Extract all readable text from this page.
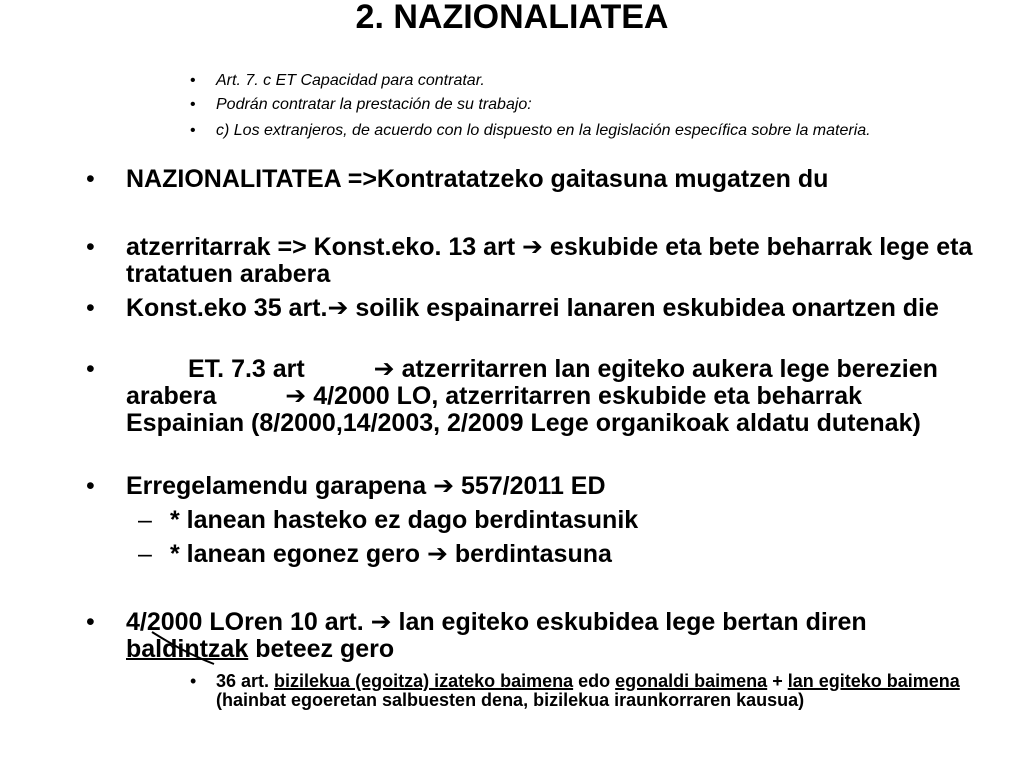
2. NAZIONALIATEA
•	Art. 7. c ET Capacidad para contratar.
•	Podrán contratar la prestación de su trabajo:
•	c) Los extranjeros, de acuerdo con lo dispuesto en la legislación específica sobre la materia.
•	NAZIONALITATEA =>Kontratatzeko gaitasuna mugatzen du
•	atzerritarrak => Konst.eko. 13 art ➔ eskubide eta bete beharrak lege eta tratatuen arabera
•	Konst.eko 35 art.➔ soilik espainarrei lanaren eskubidea onartzen die
•	ET. 7.3 art ➔ atzerritarren lan egiteko aukera lege berezien arabera ➔ 4/2000 LO, atzerritarren eskubide eta beharrak Espainian (8/2000,14/2003, 2/2009 Lege organikoak aldatu dutenak)
•	Erregelamendu garapena ➔ 557/2011 ED
– * lanean hasteko ez dago berdintasunik
– * lanean egonez gero ➔ berdintasuna
•	4/2000 LOren 10 art. ➔ lan egiteko eskubidea lege bertan diren baldintzak beteez gero
•	36 art. bizilekua (egoitza) izateko baimena edo egonaldi baimena + lan egiteko baimena (hainbat egoeretan salbuesten dena, bizilekua iraunkorraren kausua)
